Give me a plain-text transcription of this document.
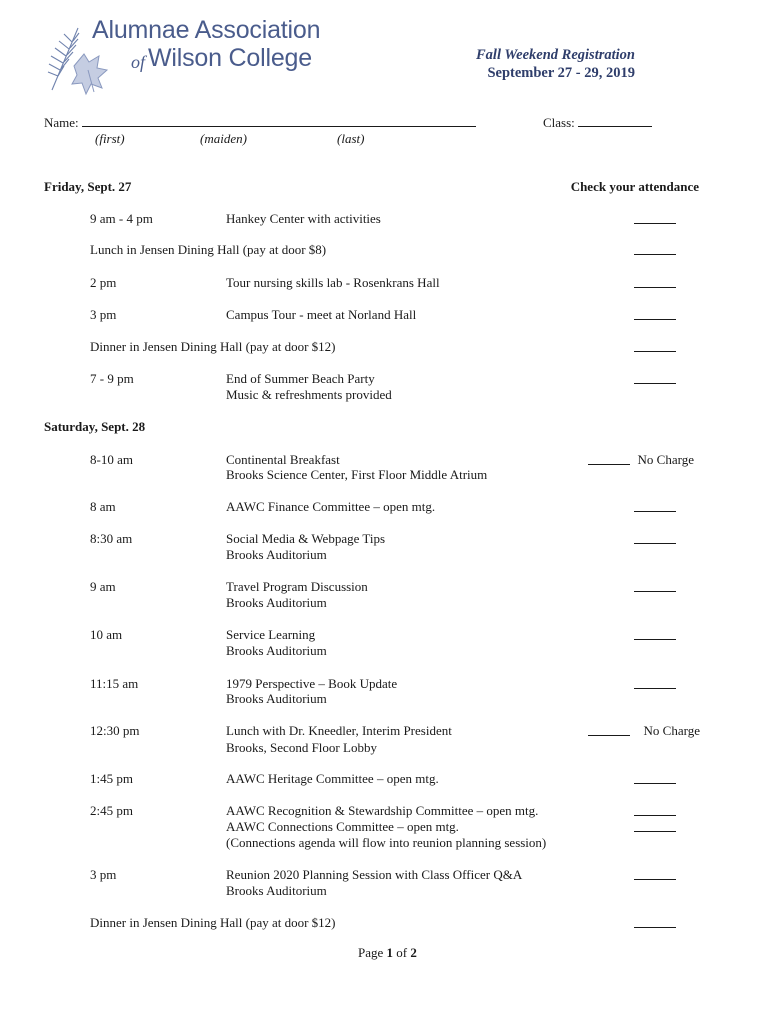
Alumnae Association
of Wilson College	Fall Weekend Registration
September 27 - 29, 2019
Name:	Class:
(first)	(maiden)	(last)
Friday, Sept. 27	Check your attendance
9 am - 4 pm	Hankey Center with activities
Lunch in Jensen Dining Hall (pay at door $8)
2 pm	Tour nursing skills lab - Rosenkrans Hall
3 pm	Campus Tour - meet at Norland Hall
Dinner in Jensen Dining Hall (pay at door $12)
7 - 9 pm	End of Summer Beach Party
Music & refreshments provided
Saturday, Sept. 28
8-10 am	Continental Breakfast
Brooks Science Center, First Floor Middle Atrium
No Charge
8 am	AAWC Finance Committee – open mtg.
8:30 am	Social Media & Webpage Tips
Brooks Auditorium
9 am	Travel Program Discussion
Brooks Auditorium
10 am	Service Learning
Brooks Auditorium
11:15 am	1979 Perspective – Book Update
Brooks Auditorium
12:30 pm	Lunch with Dr. Kneedler, Interim President
Brooks, Second Floor Lobby
No Charge
1:45 pm	AAWC Heritage Committee – open mtg.
2:45 pm	AAWC Recognition & Stewardship Committee – open mtg.
AAWC Connections Committee – open mtg.
(Connections agenda will flow into reunion planning session)
3 pm	Reunion 2020 Planning Session with Class Officer Q&A
Brooks Auditorium
Dinner in Jensen Dining Hall (pay at door $12)
Page 1 of 2
